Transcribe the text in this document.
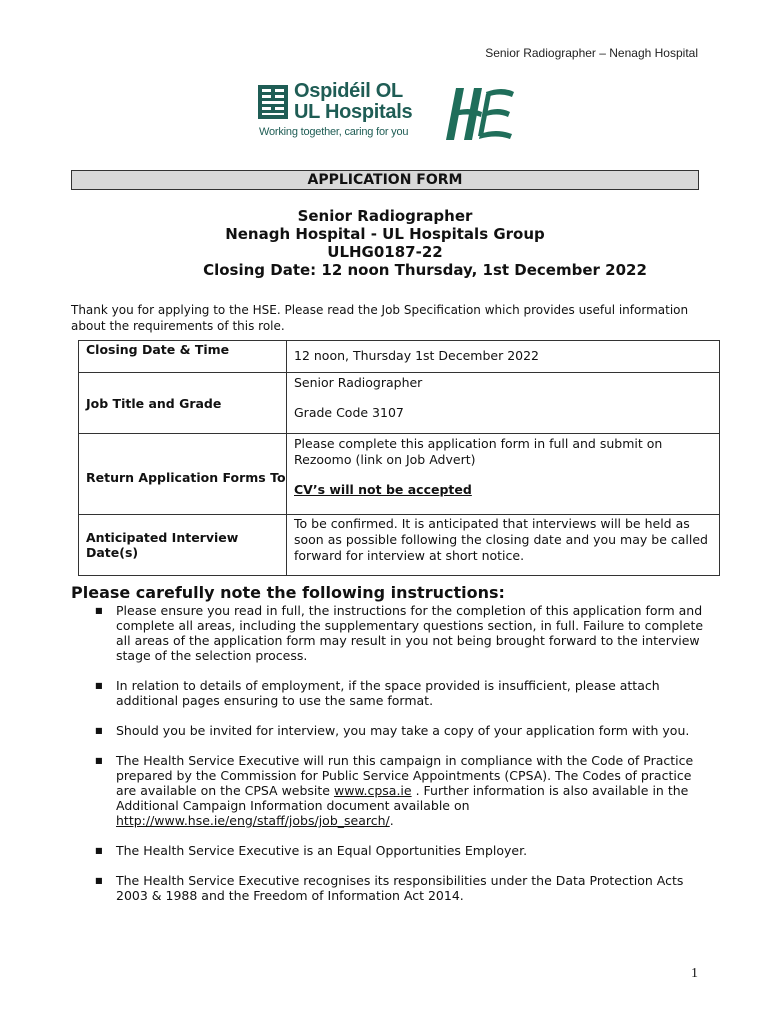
Senior Radiographer – Nenagh Hospital
Ospidéil OL
UL Hospitals
Working together, caring for you
APPLICATION FORM
Senior Radiographer
Nenagh Hospital - UL Hospitals Group
ULHG0187-22
Closing Date: 12 noon Thursday, 1st December 2022
Thank you for applying to the HSE. Please read the Job Specification which provides useful information about the requirements of this role.
Closing Date & Time	12 noon, Thursday 1st December 2022
Job Title and Grade	Senior Radiographer
Grade Code 3107

Return Application Forms To	Please complete this application form in full and submit on Rezoomo (link on Job Advert)
CV’s will not be accepted

Anticipated Interview Date(s)	To be confirmed. It is anticipated that interviews will be held as soon as possible following the closing date and you may be called forward for interview at short notice.
Please carefully note the following instructions:
■ Please ensure you read in full, the instructions for the completion of this application form and complete all areas, including the supplementary questions section, in full. Failure to complete all areas of the application form may result in you not being brought forward to the interview stage of the selection process.
■ In relation to details of employment, if the space provided is insufficient, please attach additional pages ensuring to use the same format.
■ Should you be invited for interview, you may take a copy of your application form with you.
■ The Health Service Executive will run this campaign in compliance with the Code of Practice prepared by the Commission for Public Service Appointments (CPSA). The Codes of practice are available on the CPSA website www.cpsa.ie . Further information is also available in the Additional Campaign Information document available on http://www.hse.ie/eng/staff/jobs/job_search/.
■ The Health Service Executive is an Equal Opportunities Employer.
■ The Health Service Executive recognises its responsibilities under the Data Protection Acts 2003 & 1988 and the Freedom of Information Act 2014.
1
